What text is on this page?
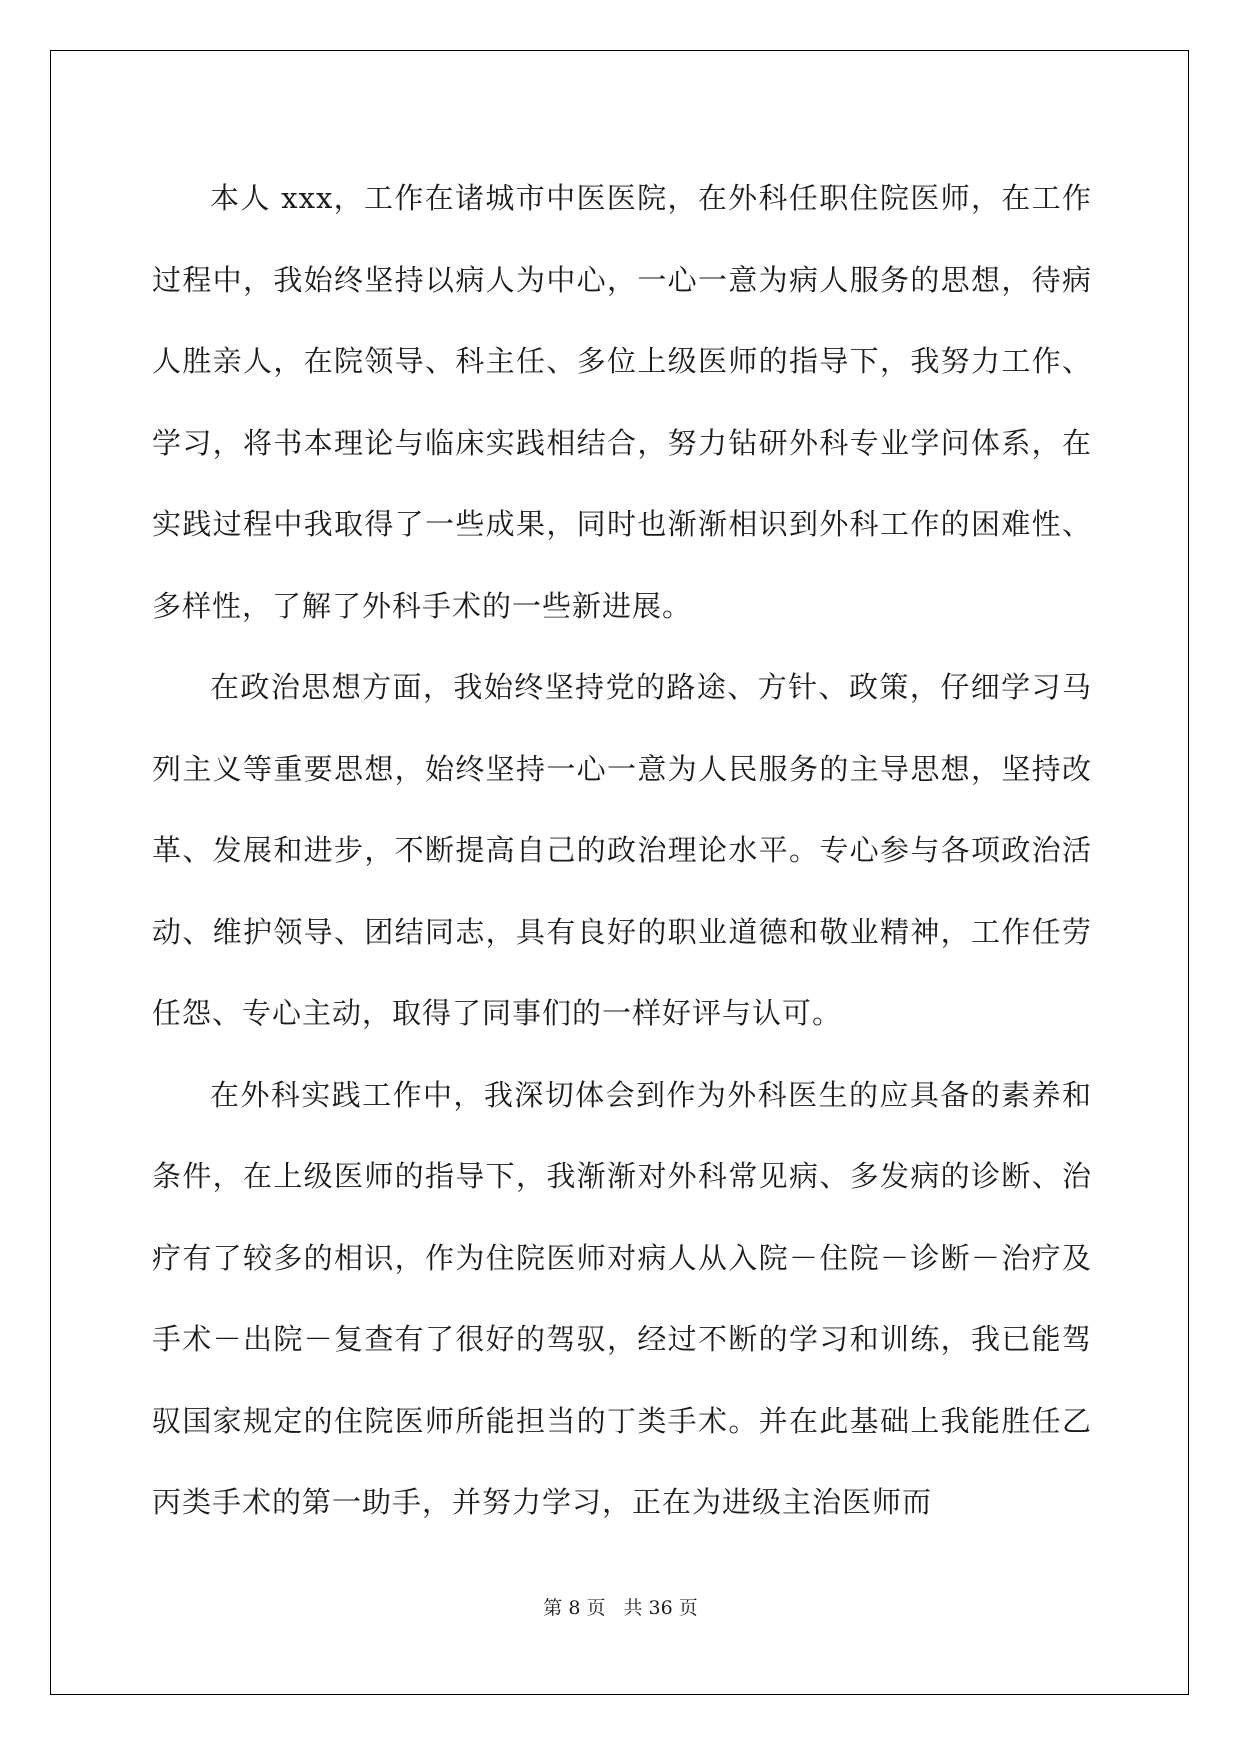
本人 xxx，工作在诸城市中医医院，在外科任职住院医师，在工作过程中，我始终坚持以病人为中心，一心一意为病人服务的思想，待病人胜亲人，在院领导、科主任、多位上级医师的指导下，我努力工作、学习，将书本理论与临床实践相结合，努力钻研外科专业学问体系，在实践过程中我取得了一些成果，同时也渐渐相识到外科工作的困难性、多样性，了解了外科手术的一些新进展。

在政治思想方面，我始终坚持党的路途、方针、政策，仔细学习马列主义等重要思想，始终坚持一心一意为人民服务的主导思想，坚持改革、发展和进步，不断提高自己的政治理论水平。专心参与各项政治活动、维护领导、团结同志，具有良好的职业道德和敬业精神，工作任劳任怨、专心主动，取得了同事们的一样好评与认可。

在外科实践工作中，我深切体会到作为外科医生的应具备的素养和条件，在上级医师的指导下，我渐渐对外科常见病、多发病的诊断、治疗有了较多的相识，作为住院医师对病人从入院－住院－诊断－治疗及手术－出院－复查有了很好的驾驭，经过不断的学习和训练，我已能驾驭国家规定的住院医师所能担当的丁类手术。并在此基础上我能胜任乙丙类手术的第一助手，并努力学习，正在为进级主治医师而

第 8 页 共 36 页
